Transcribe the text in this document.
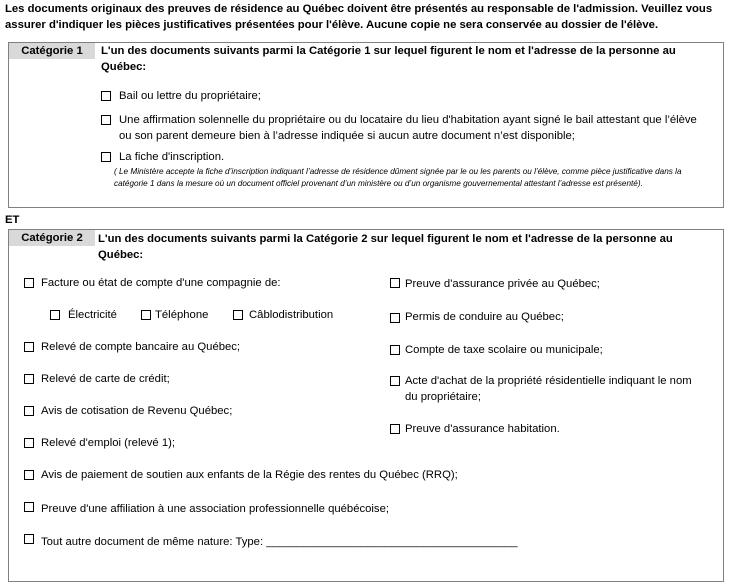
Les documents originaux des preuves de résidence au Québec doivent être présentés au responsable de l'admission. Veuillez vous assurer d'indiquer les pièces justificatives présentées pour l'élève. Aucune copie ne sera conservée au dossier de l'élève.
Catégorie 1	L'un des documents suivants parmi la Catégorie 1 sur lequel figurent le nom et l'adresse de la personne au Québec:
Bail ou lettre du propriétaire;
Une affirmation solennelle du propriétaire ou du locataire du lieu d'habitation ayant signé le bail attestant que l’élève ou son parent demeure bien à l’adresse indiquée si aucun autre document n’est disponible;
La fiche d'inscription.
( Le Ministère accepte la fiche d’inscription indiquant l’adresse de résidence dûment signée par le ou les parents ou l’élève, comme pièce justificative dans la catégorie 1 dans la mesure où un document officiel provenant d’un ministère ou d’un organisme gouvernemental attestant l’adresse est présenté).
ET
Catégorie 2	L'un des documents suivants parmi la Catégorie 2 sur lequel figurent le nom et l'adresse de la personne au Québec:
Facture ou état de compte d'une compagnie de:
Électricité	Téléphone	Câblodistribution
Relevé de compte bancaire au Québec;
Relevé de carte de crédit;
Avis de cotisation de Revenu Québec;
Relevé d'emploi (relevé 1);
Avis de paiement de soutien aux enfants de la Régie des rentes du Québec (RRQ);
Preuve d'une affiliation à une association professionnelle québécoise;
Tout autre document de même nature: Type: ________________________________________
Preuve d'assurance privée au Québec;
Permis de conduire au Québec;
Compte de taxe scolaire ou municipale;
Acte d'achat de la propriété résidentielle indiquant le nom du propriétaire;
Preuve d'assurance habitation.
